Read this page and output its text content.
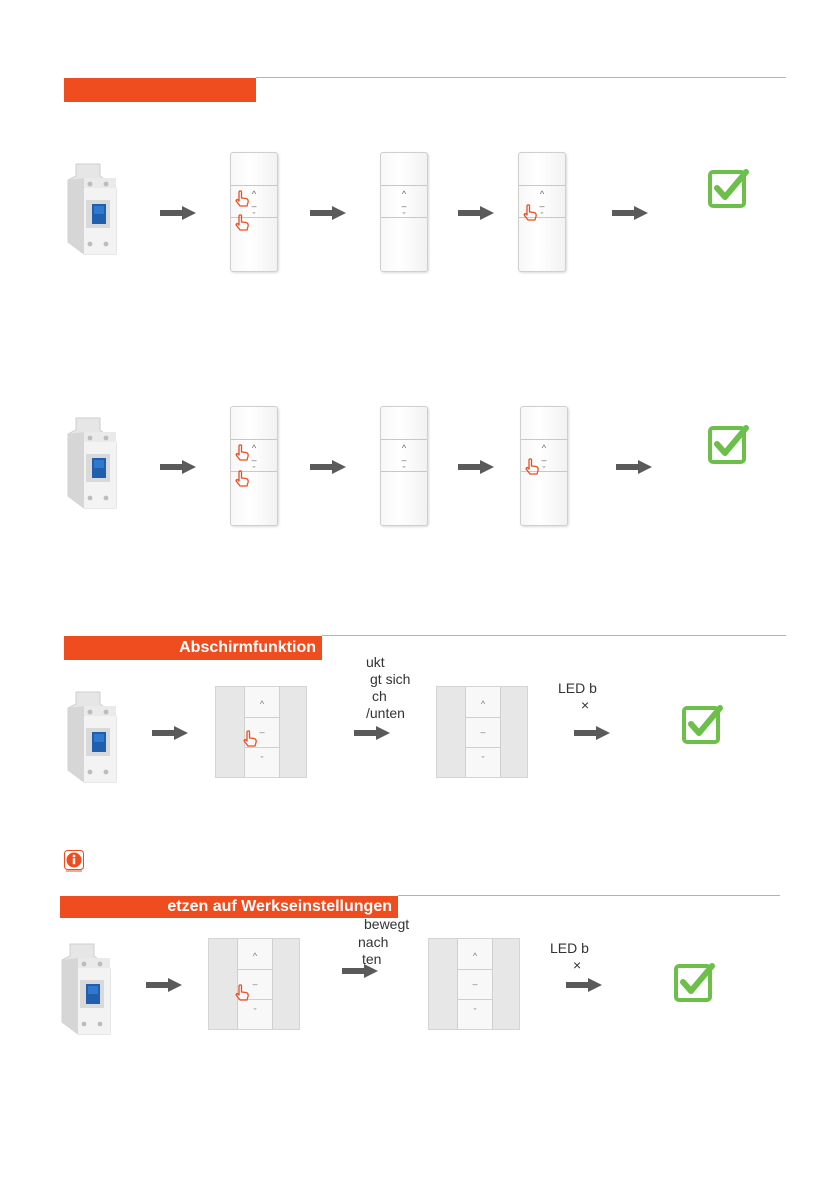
^
–
ˇ
^
–
ˇ
^
–
ˇ
^
–
ˇ
^
–
ˇ
^
–
ˇ
Abschirmfunktion
^
–
ˇ
ukt
gt sich
ch
/unten
^
–
ˇ
LED b
×
etzen auf Werkseinstellungen
^
–
ˇ
bewegt
nach
ten	^
–
ˇ
LED b
×
